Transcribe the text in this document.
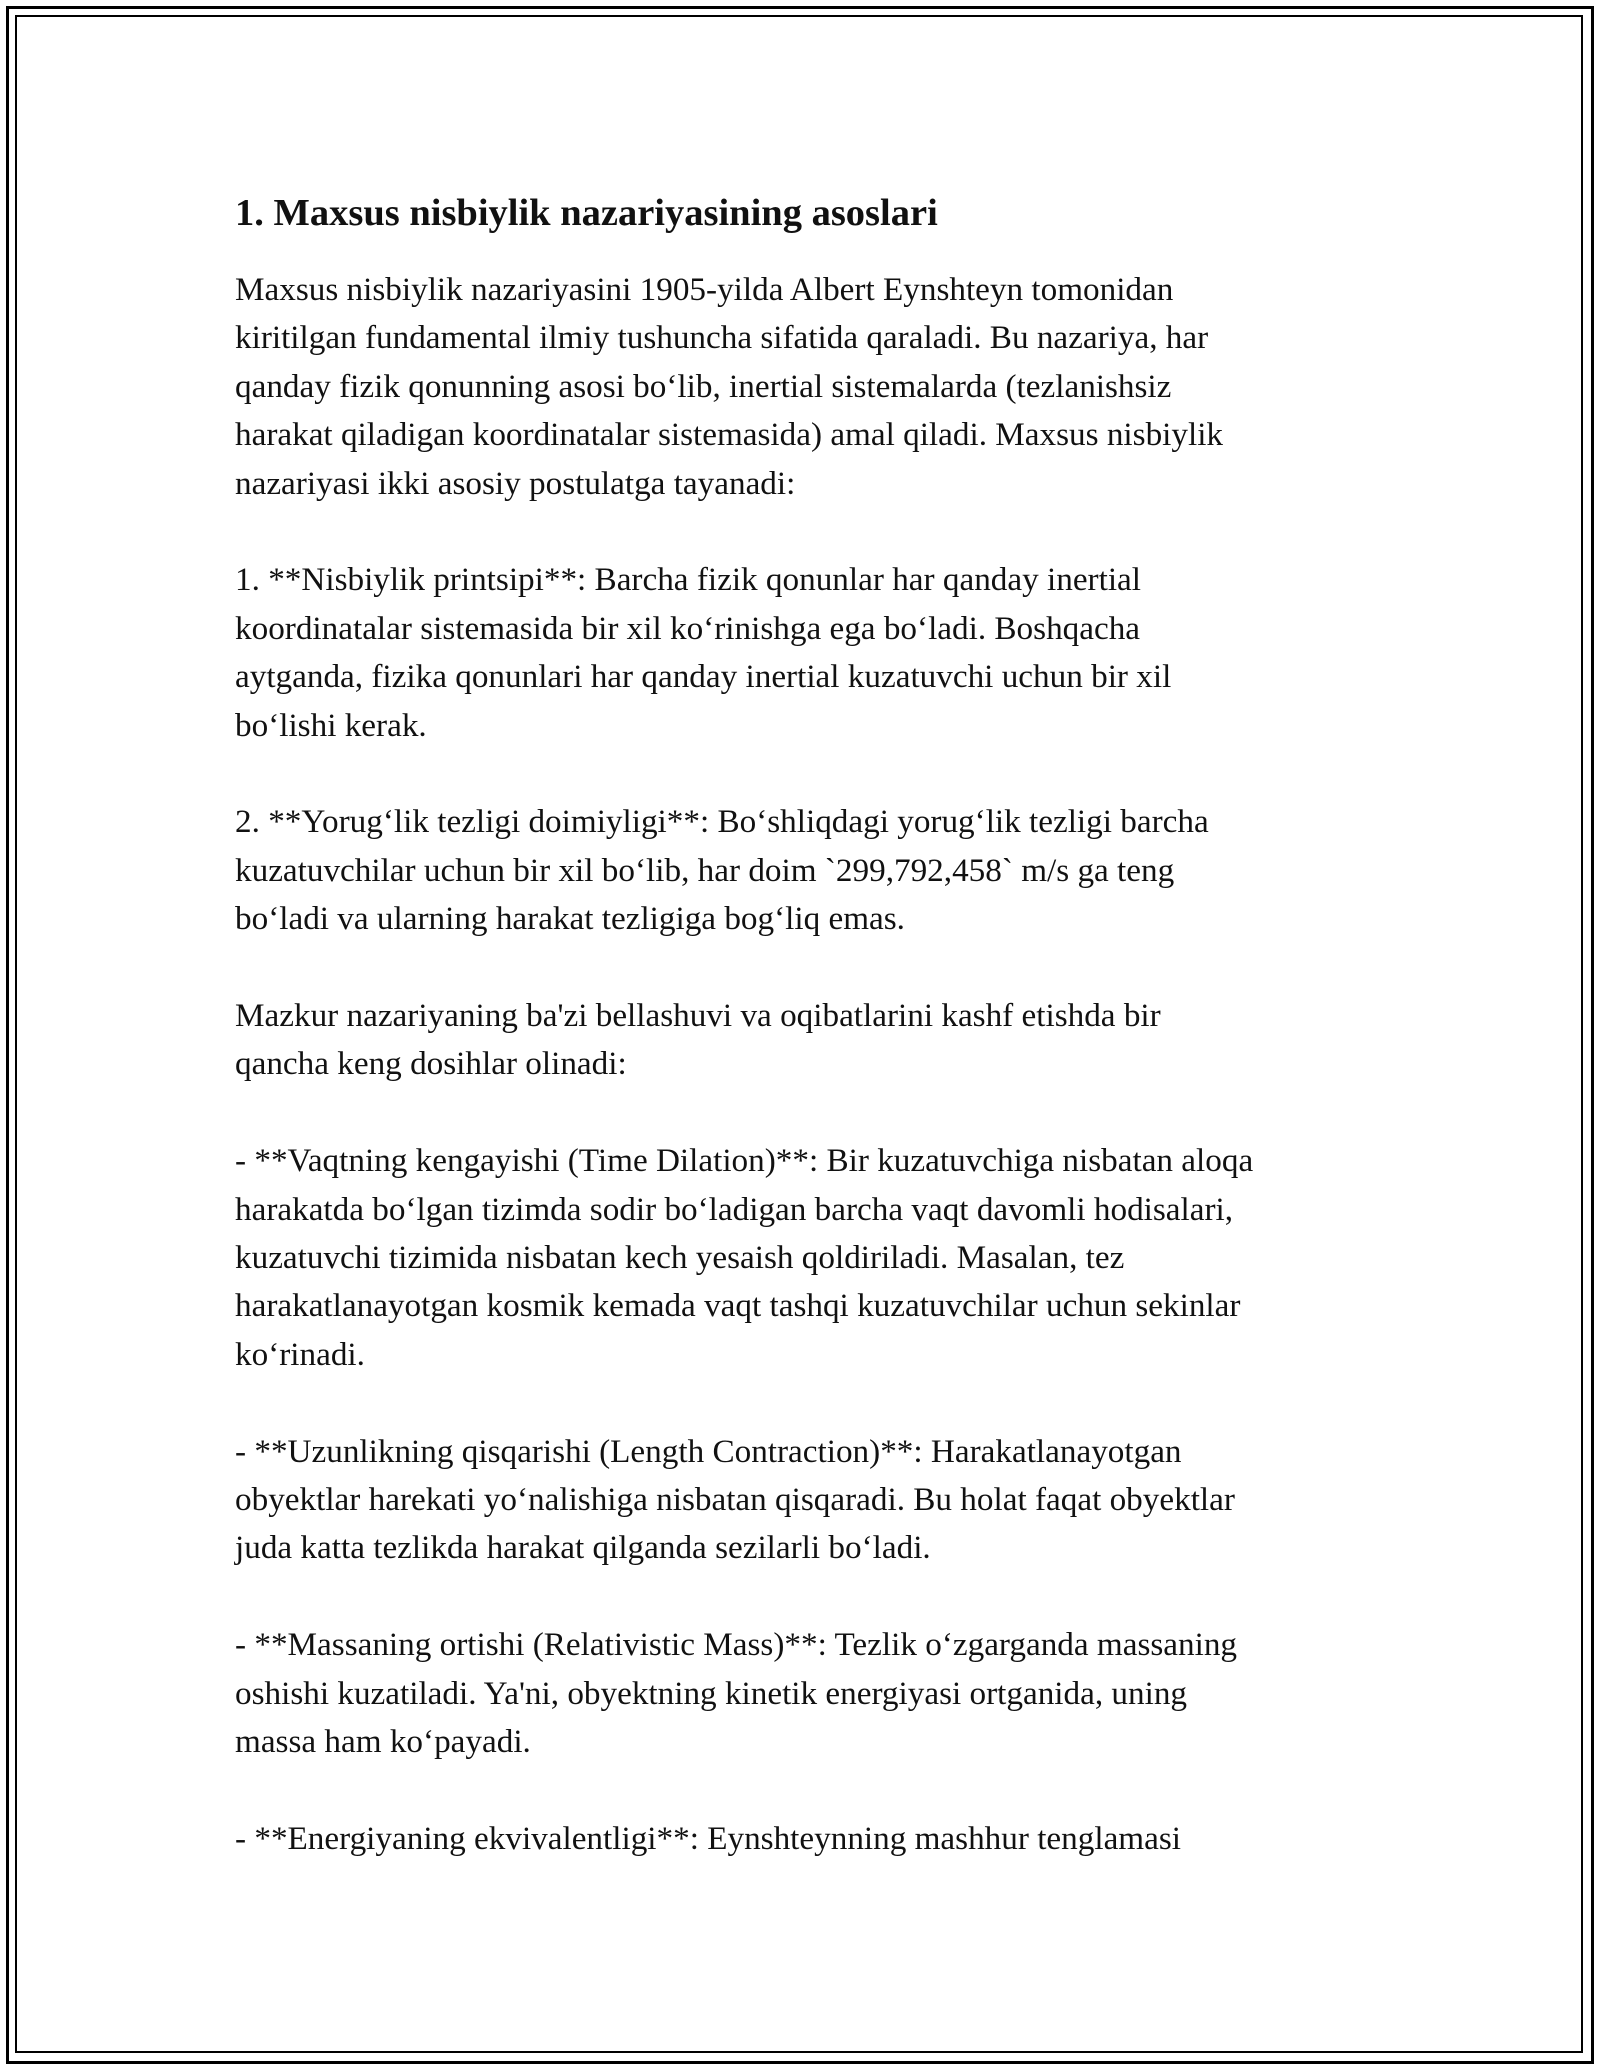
1. Maxsus nisbiylik nazariyasining asoslari
Maxsus nisbiylik nazariyasini 1905-yilda Albert Eynshteyn tomonidan
kiritilgan fundamental ilmiy tushuncha sifatida qaraladi. Bu nazariya, har
qanday fizik qonunning asosi bo‘lib, inertial sistemalarda (tezlanishsiz
harakat qiladigan koordinatalar sistemasida) amal qiladi. Maxsus nisbiylik
nazariyasi ikki asosiy postulatga tayanadi:
1. **Nisbiylik printsipi**: Barcha fizik qonunlar har qanday inertial
koordinatalar sistemasida bir xil ko‘rinishga ega bo‘ladi. Boshqacha
aytganda, fizika qonunlari har qanday inertial kuzatuvchi uchun bir xil
bo‘lishi kerak.
2. **Yorug‘lik tezligi doimiyligi**: Bo‘shliqdagi yorug‘lik tezligi barcha
kuzatuvchilar uchun bir xil bo‘lib, har doim `299,792,458` m/s ga teng
bo‘ladi va ularning harakat tezligiga bog‘liq emas.
Mazkur nazariyaning ba'zi bellashuvi va oqibatlarini kashf etishda bir
qancha keng dosihlar olinadi:
- **Vaqtning kengayishi (Time Dilation)**: Bir kuzatuvchiga nisbatan aloqa
harakatda bo‘lgan tizimda sodir bo‘ladigan barcha vaqt davomli hodisalari,
kuzatuvchi tizimida nisbatan kech yesaish qoldiriladi. Masalan, tez
harakatlanayotgan kosmik kemada vaqt tashqi kuzatuvchilar uchun sekinlar
ko‘rinadi.
- **Uzunlikning qisqarishi (Length Contraction)**: Harakatlanayotgan
obyektlar harekati yo‘nalishiga nisbatan qisqaradi. Bu holat faqat obyektlar
juda katta tezlikda harakat qilganda sezilarli bo‘ladi.
- **Massaning ortishi (Relativistic Mass)**: Tezlik o‘zgarganda massaning
oshishi kuzatiladi. Ya'ni, obyektning kinetik energiyasi ortganida, uning
massa ham ko‘payadi.
- **Energiyaning ekvivalentligi**: Eynshteynning mashhur tenglamasi
